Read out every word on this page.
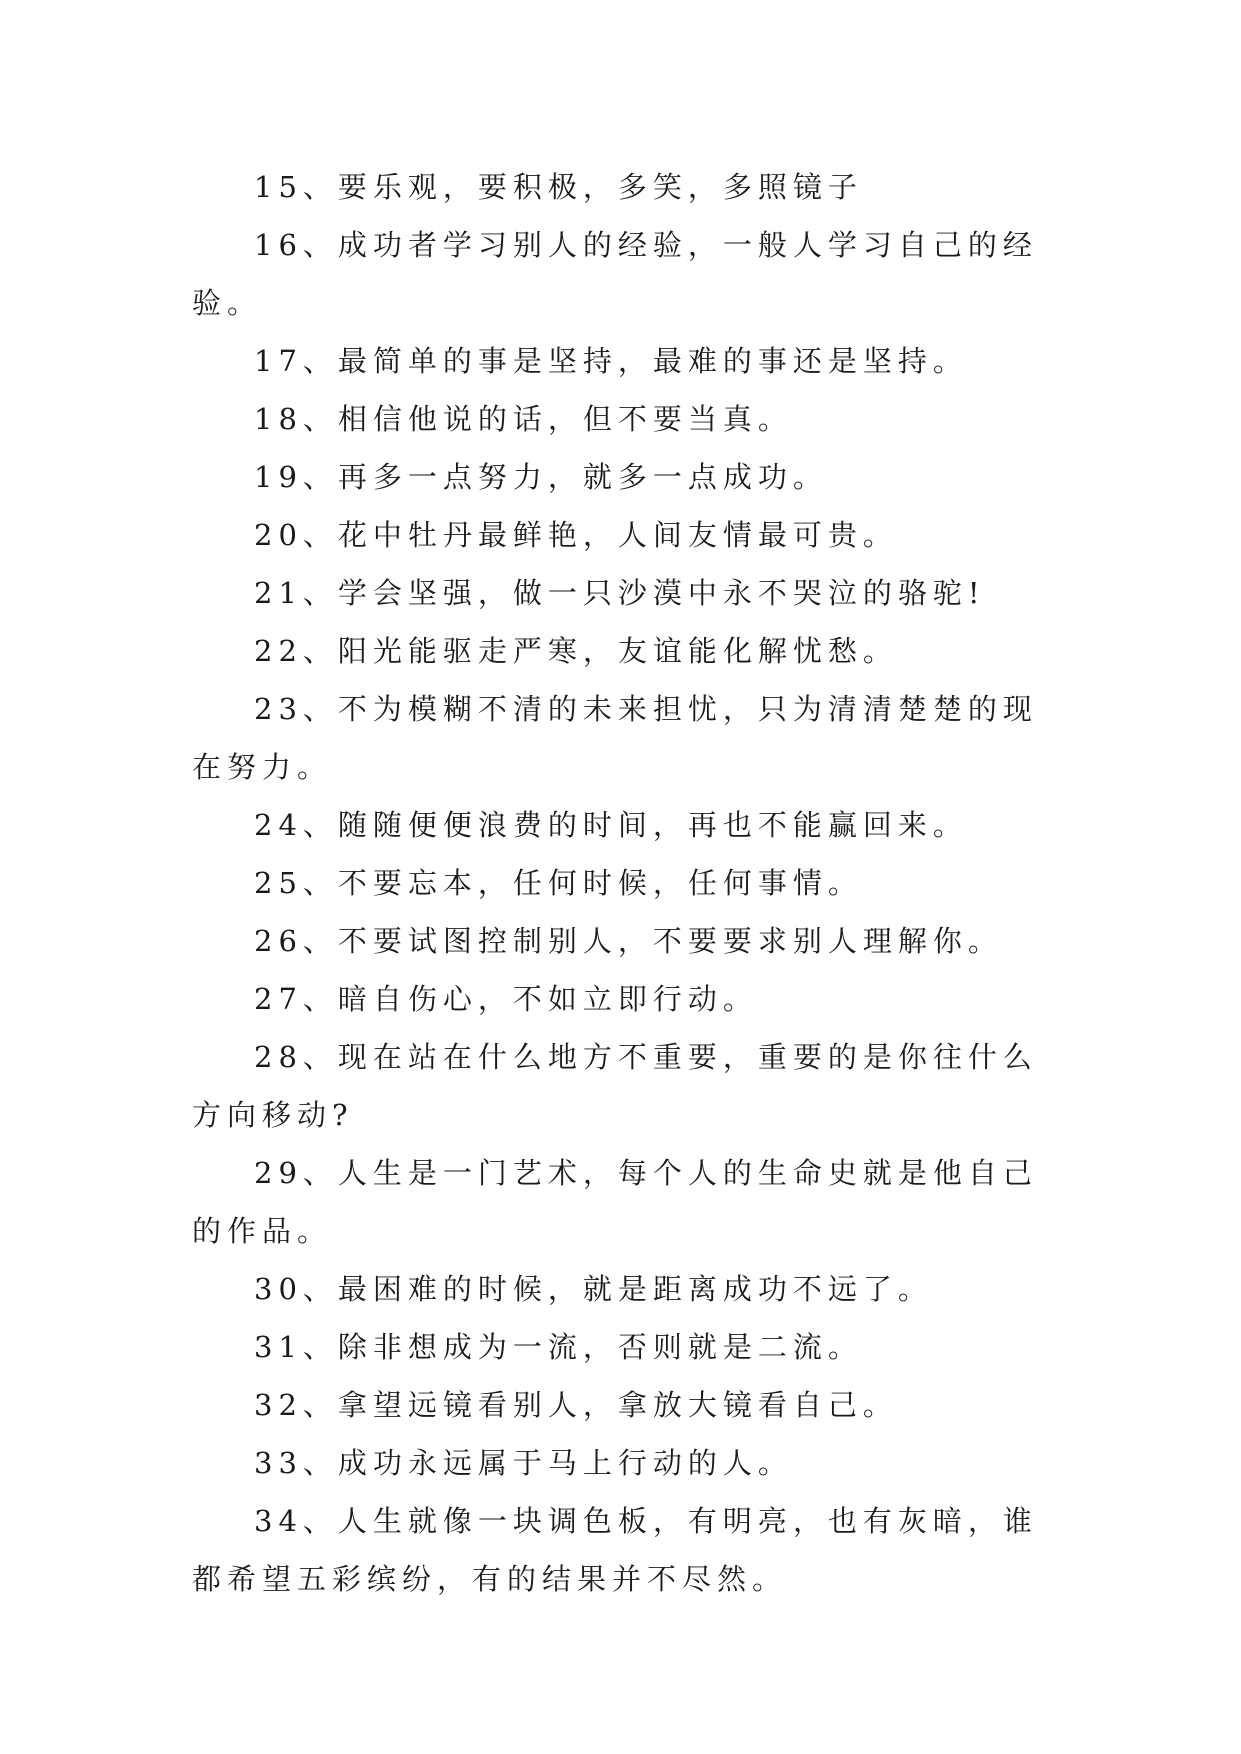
15、要乐观，要积极，多笑，多照镜子

16、成功者学习别人的经验，一般人学习自己的经验。

17、最简单的事是坚持，最难的事还是坚持。

18、相信他说的话，但不要当真。

19、再多一点努力，就多一点成功。

20、花中牡丹最鲜艳，人间友情最可贵。

21、学会坚强，做一只沙漠中永不哭泣的骆驼!

22、阳光能驱走严寒，友谊能化解忧愁。

23、不为模糊不清的未来担忧，只为清清楚楚的现在努力。

24、随随便便浪费的时间，再也不能赢回来。

25、不要忘本，任何时候，任何事情。

26、不要试图控制别人，不要要求别人理解你。

27、暗自伤心，不如立即行动。

28、现在站在什么地方不重要，重要的是你往什么方向移动?

29、人生是一门艺术，每个人的生命史就是他自己的作品。

30、最困难的时候，就是距离成功不远了。

31、除非想成为一流，否则就是二流。

32、拿望远镜看别人，拿放大镜看自己。

33、成功永远属于马上行动的人。

34、人生就像一块调色板，有明亮，也有灰暗，谁都希望五彩缤纷，有的结果并不尽然。
